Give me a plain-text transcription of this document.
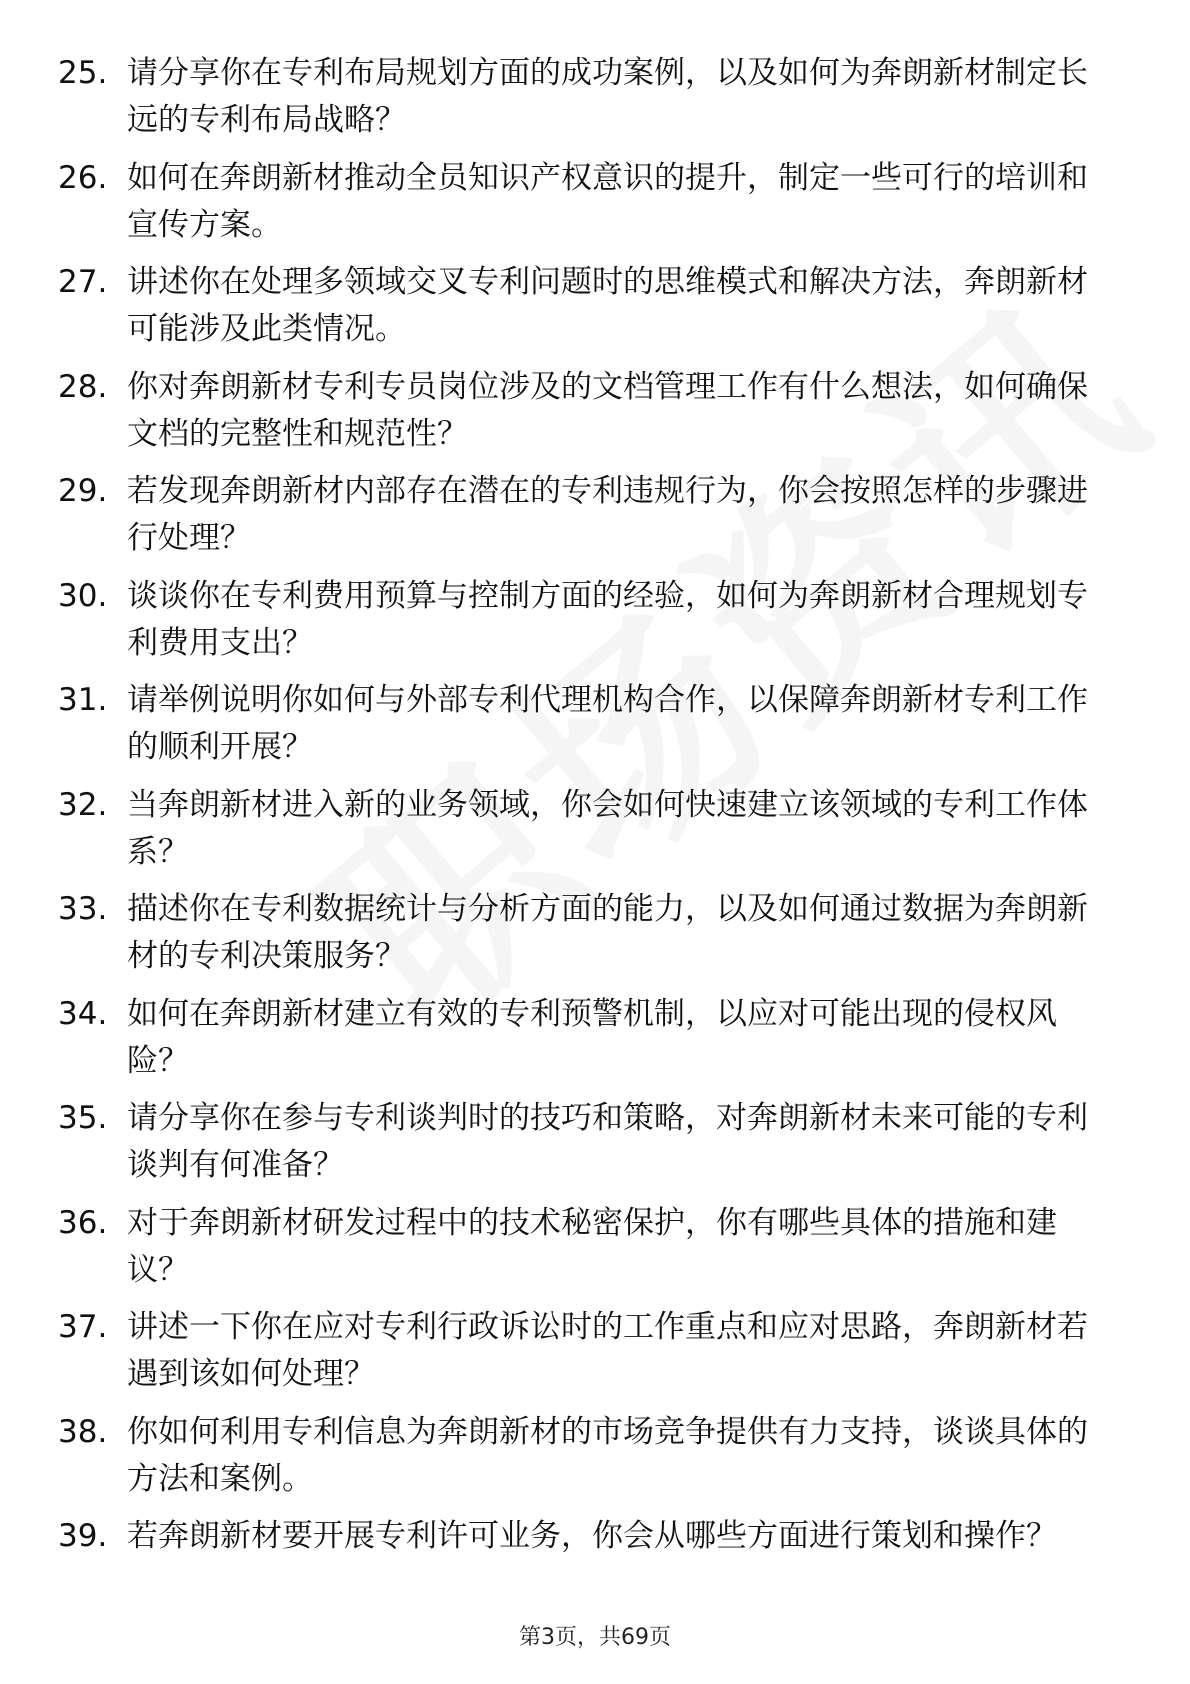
25. 请分享你在专利布局规划方面的成功案例，以及如何为奔朗新材制定长远的专利布局战略？
26. 如何在奔朗新材推动全员知识产权意识的提升，制定一些可行的培训和宣传方案。
27. 讲述你在处理多领域交叉专利问题时的思维模式和解决方法，奔朗新材可能涉及此类情况。
28. 你对奔朗新材专利专员岗位涉及的文档管理工作有什么想法，如何确保文档的完整性和规范性？
29. 若发现奔朗新材内部存在潜在的专利违规行为，你会按照怎样的步骤进行处理？
30. 谈谈你在专利费用预算与控制方面的经验，如何为奔朗新材合理规划专利费用支出？
31. 请举例说明你如何与外部专利代理机构合作，以保障奔朗新材专利工作的顺利开展？
32. 当奔朗新材进入新的业务领域，你会如何快速建立该领域的专利工作体系？
33. 描述你在专利数据统计与分析方面的能力，以及如何通过数据为奔朗新材的专利决策服务？
34. 如何在奔朗新材建立有效的专利预警机制，以应对可能出现的侵权风险？
35. 请分享你在参与专利谈判时的技巧和策略，对奔朗新材未来可能的专利谈判有何准备？
36. 对于奔朗新材研发过程中的技术秘密保护，你有哪些具体的措施和建议？
37. 讲述一下你在应对专利行政诉讼时的工作重点和应对思路，奔朗新材若遇到该如何处理？
38. 你如何利用专利信息为奔朗新材的市场竞争提供有力支持，谈谈具体的方法和案例。
39. 若奔朗新材要开展专利许可业务，你会从哪些方面进行策划和操作？
第3页，共69页
